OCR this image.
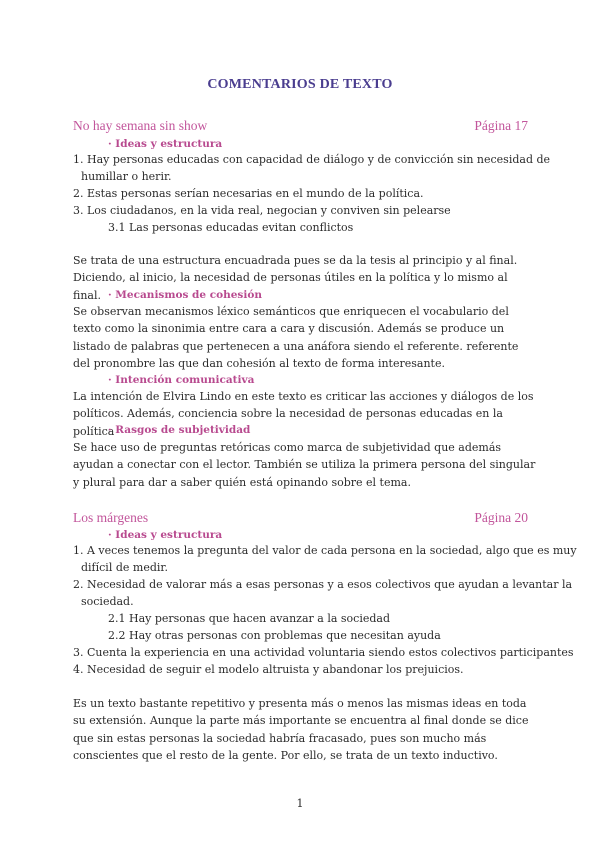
COMENTARIOS DE TEXTO
No hay semana sin show	Página 17
· Ideas y estructura
1. Hay personas educadas con capacidad de diálogo y de convicción sin necesidad de
humillar o herir.
2. Estas personas serían necesarias en el mundo de la política.
3. Los ciudadanos, en la vida real, negocian y conviven sin pelearse
3.1 Las personas educadas evitan conflictos
Se trata de una estructura encuadrada pues se da la tesis al principio y al final. Diciendo, al inicio, la necesidad de personas útiles en la política y lo mismo al final. · Mecanismos de cohesión
Se observan mecanismos léxico semánticos que enriquecen el vocabulario del texto como la sinonimia entre cara a cara y discusión. Además se produce un listado de palabras que pertenecen a una anáfora siendo el referente. referente del pronombre las que dan cohesión al texto de forma interesante.
· Intención comunicativa
La intención de Elvira Lindo en este texto es criticar las acciones y diálogos de los políticos. Además, conciencia sobre la necesidad de personas educadas en la política
· Rasgos de subjetividad
Se hace uso de preguntas retóricas como marca de subjetividad que además ayudan a conectar con el lector. También se utiliza la primera persona del singular y plural para dar a saber quién está opinando sobre el tema.
Los márgenes	Página 20
· Ideas y estructura
1. A veces tenemos la pregunta del valor de cada persona en la sociedad, algo que es muy
difícil de medir.
2. Necesidad de valorar más a esas personas y a esos colectivos que ayudan a levantar la
sociedad.
2.1 Hay personas que hacen avanzar a la sociedad
2.2 Hay otras personas con problemas que necesitan ayuda
3. Cuenta la experiencia en una actividad voluntaria siendo estos colectivos participantes
4. Necesidad de seguir el modelo altruista y abandonar los prejuicios.
Es un texto bastante repetitivo y presenta más o menos las mismas ideas en toda su extensión. Aunque la parte más importante se encuentra al final donde se dice que sin estas personas la sociedad habría fracasado, pues son mucho más conscientes que el resto de la gente. Por ello, se trata de un texto inductivo.
1
